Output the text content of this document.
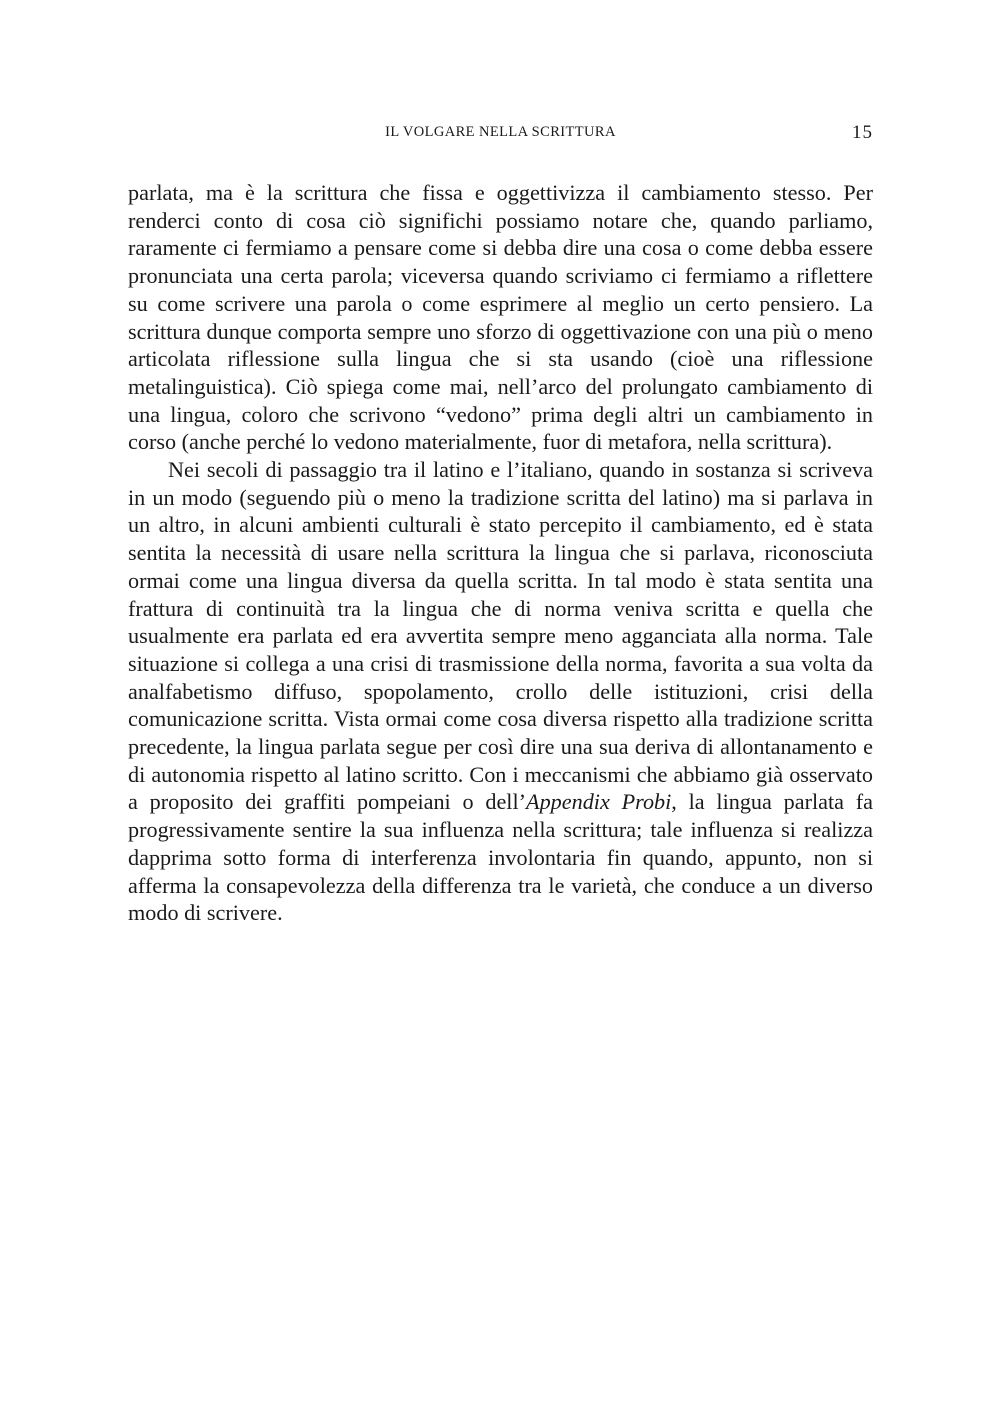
IL VOLGARE NELLA SCRITTURA	15

parlata, ma è la scrittura che fissa e oggettivizza il cambiamento stesso. Per renderci conto di cosa ciò significhi possiamo notare che, quando parliamo, raramente ci fermiamo a pensare come si debba dire una cosa o come debba essere pronunciata una certa parola; viceversa quando scriviamo ci fermiamo a riflettere su come scrivere una parola o come esprimere al meglio un certo pensiero. La scrittura dunque comporta sempre uno sforzo di oggettivazione con una più o meno articolata riflessione sulla lingua che si sta usando (cioè una riflessione metalinguistica). Ciò spiega come mai, nell’arco del prolungato cambiamento di una lingua, coloro che scrivono “vedono” prima degli altri un cambiamento in corso (anche perché lo vedono materialmente, fuor di metafora, nella scrittura).

Nei secoli di passaggio tra il latino e l’italiano, quando in sostanza si scriveva in un modo (seguendo più o meno la tradizione scritta del latino) ma si parlava in un altro, in alcuni ambienti culturali è stato percepito il cambiamento, ed è stata sentita la necessità di usare nella scrittura la lingua che si parlava, riconosciuta ormai come una lingua diversa da quella scritta. In tal modo è stata sentita una frattura di continuità tra la lingua che di norma veniva scritta e quella che usualmente era parlata ed era avvertita sempre meno agganciata alla norma. Tale situazione si collega a una crisi di trasmissione della norma, favorita a sua volta da analfabetismo diffuso, spopolamento, crollo delle istituzioni, crisi della comunicazione scritta. Vista ormai come cosa diversa rispetto alla tradizione scritta precedente, la lingua parlata segue per così dire una sua deriva di allontanamento e di autonomia rispetto al latino scritto. Con i meccanismi che abbiamo già osservato a proposito dei graffiti pompeiani o dell’Appendix Probi, la lingua parlata fa progressivamente sentire la sua influenza nella scrittura; tale influenza si realizza dapprima sotto forma di interferenza involontaria fin quando, appunto, non si afferma la consapevolezza della differenza tra le varietà, che conduce a un diverso modo di scrivere.
